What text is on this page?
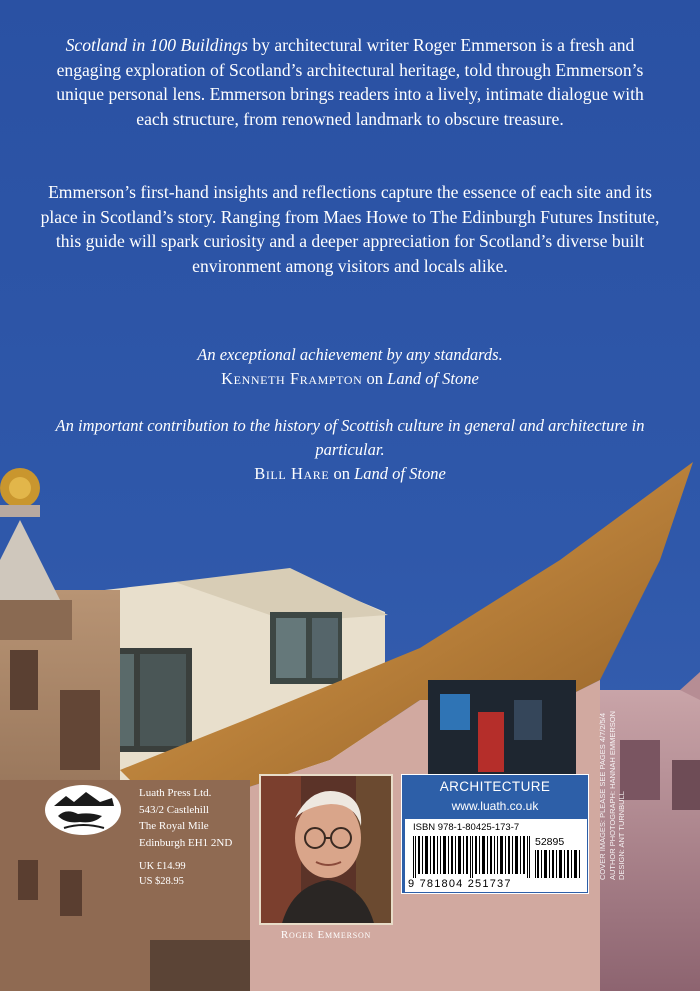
Scotland in 100 Buildings by architectural writer Roger Emmerson is a fresh and engaging exploration of Scotland’s architectural heritage, told through Emmerson’s unique personal lens. Emmerson brings readers into a lively, intimate dialogue with each structure, from renowned landmark to obscure treasure.
Emmerson’s first-hand insights and reflections capture the essence of each site and its place in Scotland’s story. Ranging from Maes Howe to The Edinburgh Futures Institute, this guide will spark curiosity and a deeper appreciation for Scotland’s diverse built environment among visitors and locals alike.
An exceptional achievement by any standards.
Kenneth Frampton on Land of Stone
An important contribution to the history of Scottish culture in general and architecture in particular.
Bill Hare on Land of Stone
Luath Press Ltd.
543/2 Castlehill
The Royal Mile
Edinburgh EH1 2ND
UK £14.99
US $28.95
Roger Emmerson
ARCHITECTURE
www.luath.co.uk
ISBN 978-1-80425-173-7
52895
9 781804 251737
COVER IMAGES: PLEASE SEE PAGES 4/7/2/5/4 AUTHOR PHOTOGRAPH: HANNAH EMMERSON DESIGN: ANT TURNBULL
